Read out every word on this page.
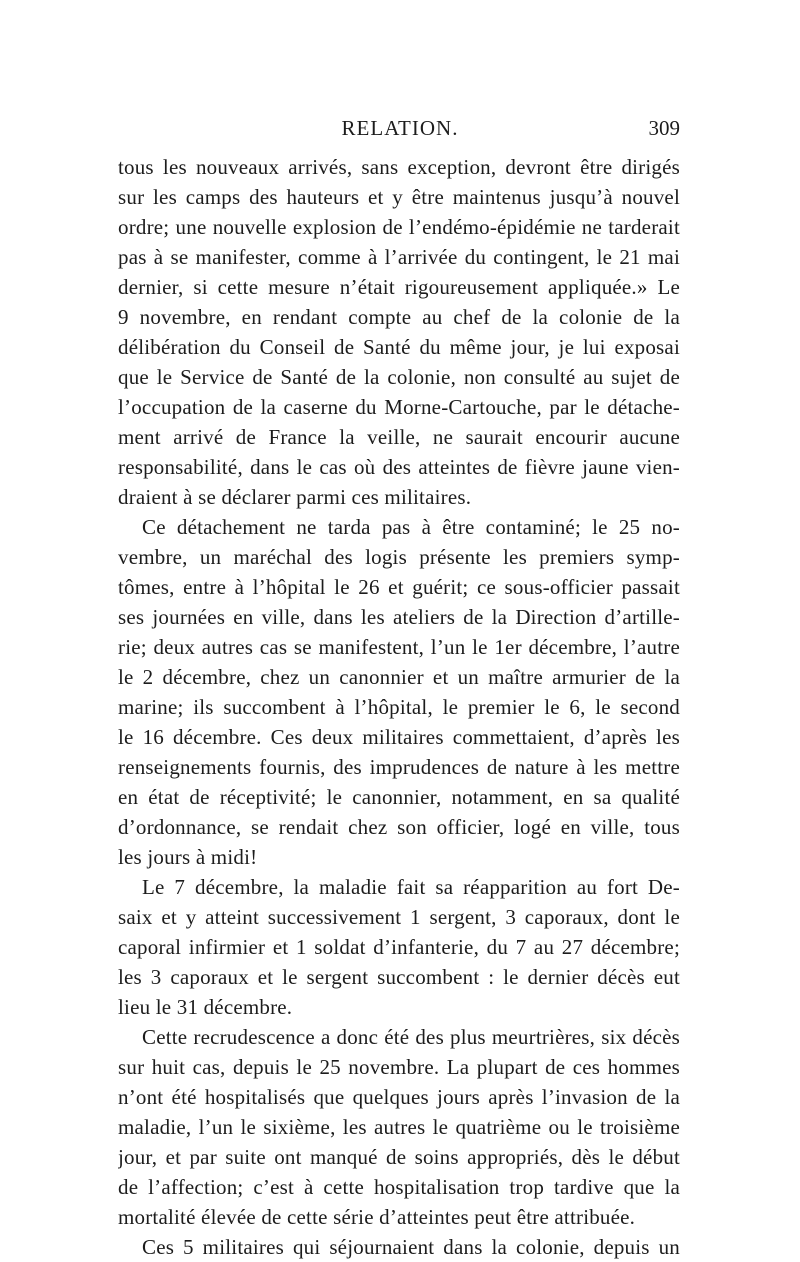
RELATION.	309
tous les nouveaux arrivés, sans exception, devront être dirigés
sur les camps des hauteurs et y être maintenus jusqu’à nouvel
ordre; une nouvelle explosion de l’endémo-épidémie ne tarderait
pas à se manifester, comme à l’arrivée du contingent, le 21 mai
dernier, si cette mesure n’était rigoureusement appliquée.» Le
9 novembre, en rendant compte au chef de la colonie de la
délibération du Conseil de Santé du même jour, je lui exposai
que le Service de Santé de la colonie, non consulté au sujet de
l’occupation de la caserne du Morne-Cartouche, par le détache-
ment arrivé de France la veille, ne saurait encourir aucune
responsabilité, dans le cas où des atteintes de fièvre jaune vien-
draient à se déclarer parmi ces militaires.
Ce détachement ne tarda pas à être contaminé; le 25 no-
vembre, un maréchal des logis présente les premiers symp-
tômes, entre à l’hôpital le 26 et guérit; ce sous-officier passait
ses journées en ville, dans les ateliers de la Direction d’artille-
rie; deux autres cas se manifestent, l’un le 1er décembre, l’autre
le 2 décembre, chez un canonnier et un maître armurier de la
marine; ils succombent à l’hôpital, le premier le 6, le second
le 16 décembre. Ces deux militaires commettaient, d’après les
renseignements fournis, des imprudences de nature à les mettre
en état de réceptivité; le canonnier, notamment, en sa qualité
d’ordonnance, se rendait chez son officier, logé en ville, tous
les jours à midi!
Le 7 décembre, la maladie fait sa réapparition au fort De-
saix et y atteint successivement 1 sergent, 3 caporaux, dont le
caporal infirmier et 1 soldat d’infanterie, du 7 au 27 décembre;
les 3 caporaux et le sergent succombent : le dernier décès eut
lieu le 31 décembre.
Cette recrudescence a donc été des plus meurtrières, six décès
sur huit cas, depuis le 25 novembre. La plupart de ces hommes
n’ont été hospitalisés que quelques jours après l’invasion de la
maladie, l’un le sixième, les autres le quatrième ou le troisième
jour, et par suite ont manqué de soins appropriés, dès le début
de l’affection; c’est à cette hospitalisation trop tardive que la
mortalité élevée de cette série d’atteintes peut être attribuée.
Ces 5 militaires qui séjournaient dans la colonie, depuis un
